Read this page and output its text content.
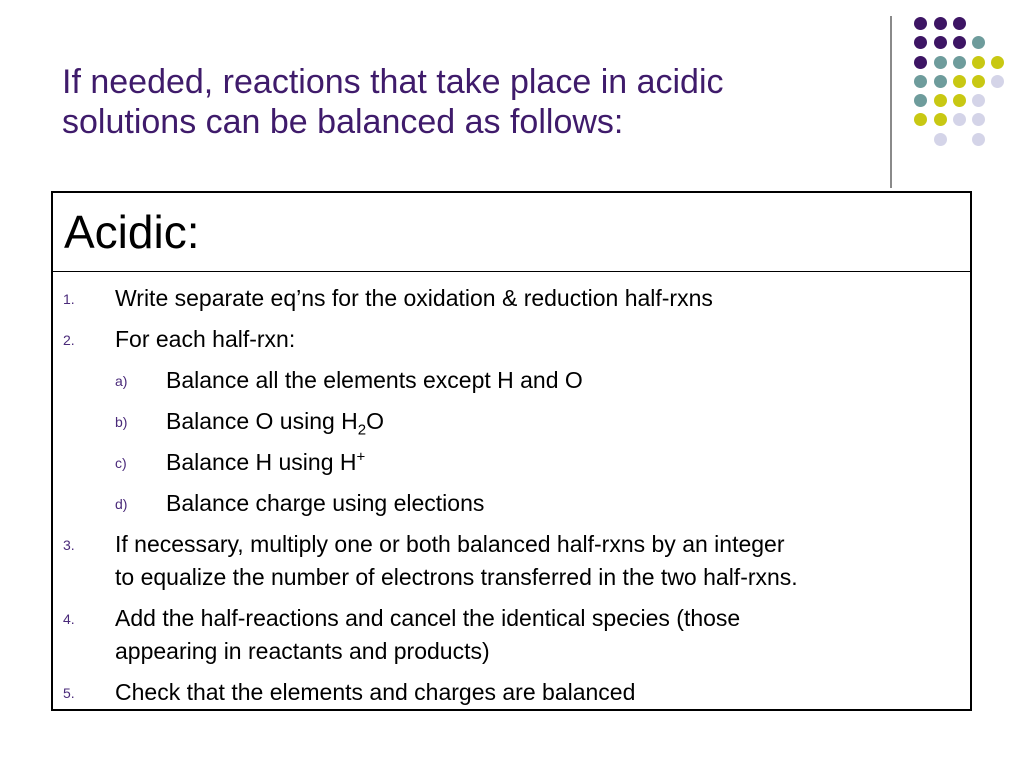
If needed, reactions that take place in acidic
solutions can be balanced as follows:
Acidic:
1. Write separate eq’ns for the oxidation & reduction half-rxns
2. For each half-rxn:
a) Balance all the elements except H and O
b) Balance O using $H_2O$
c) Balance H using H+
d) Balance charge using elections
3. If necessary, multiply one or both balanced half-rxns by an integer
to equalize the number of electrons transferred in the two half-rxns.
4. Add the half-reactions and cancel the identical species (those
appearing in reactants and products)
5. Check that the elements and charges are balanced
